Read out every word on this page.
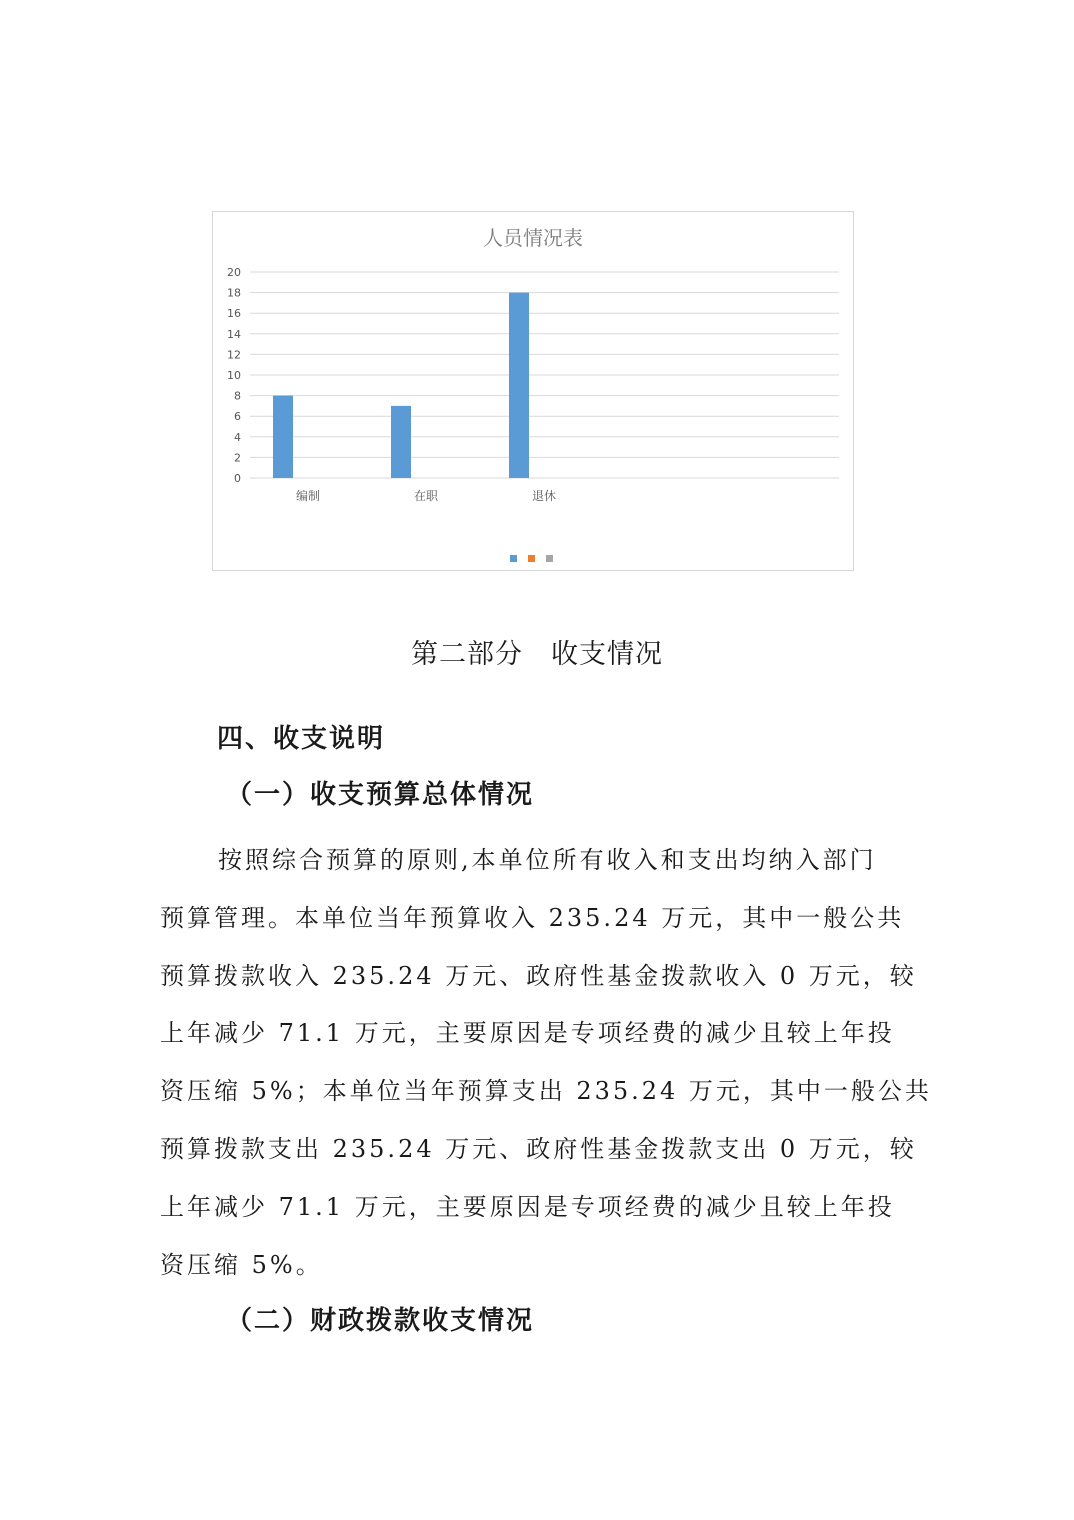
人员情况表
0
2
4
6
8
10
12
14
16
18
20
编制	在职	退休
第二部分　收支情况
四、收支说明
（一）收支预算总体情况
按照综合预算的原则,本单位所有收入和支出均纳入部门
预算管理。本单位当年预算收入 235.24 万元，其中一般公共
预算拨款收入 235.24 万元、政府性基金拨款收入 0 万元，较
上年减少 71.1 万元，主要原因是专项经费的减少且较上年投
资压缩 5%；本单位当年预算支出 235.24 万元，其中一般公共
预算拨款支出 235.24 万元、政府性基金拨款支出 0 万元，较
上年减少 71.1 万元，主要原因是专项经费的减少且较上年投
资压缩 5%。
（二）财政拨款收支情况
